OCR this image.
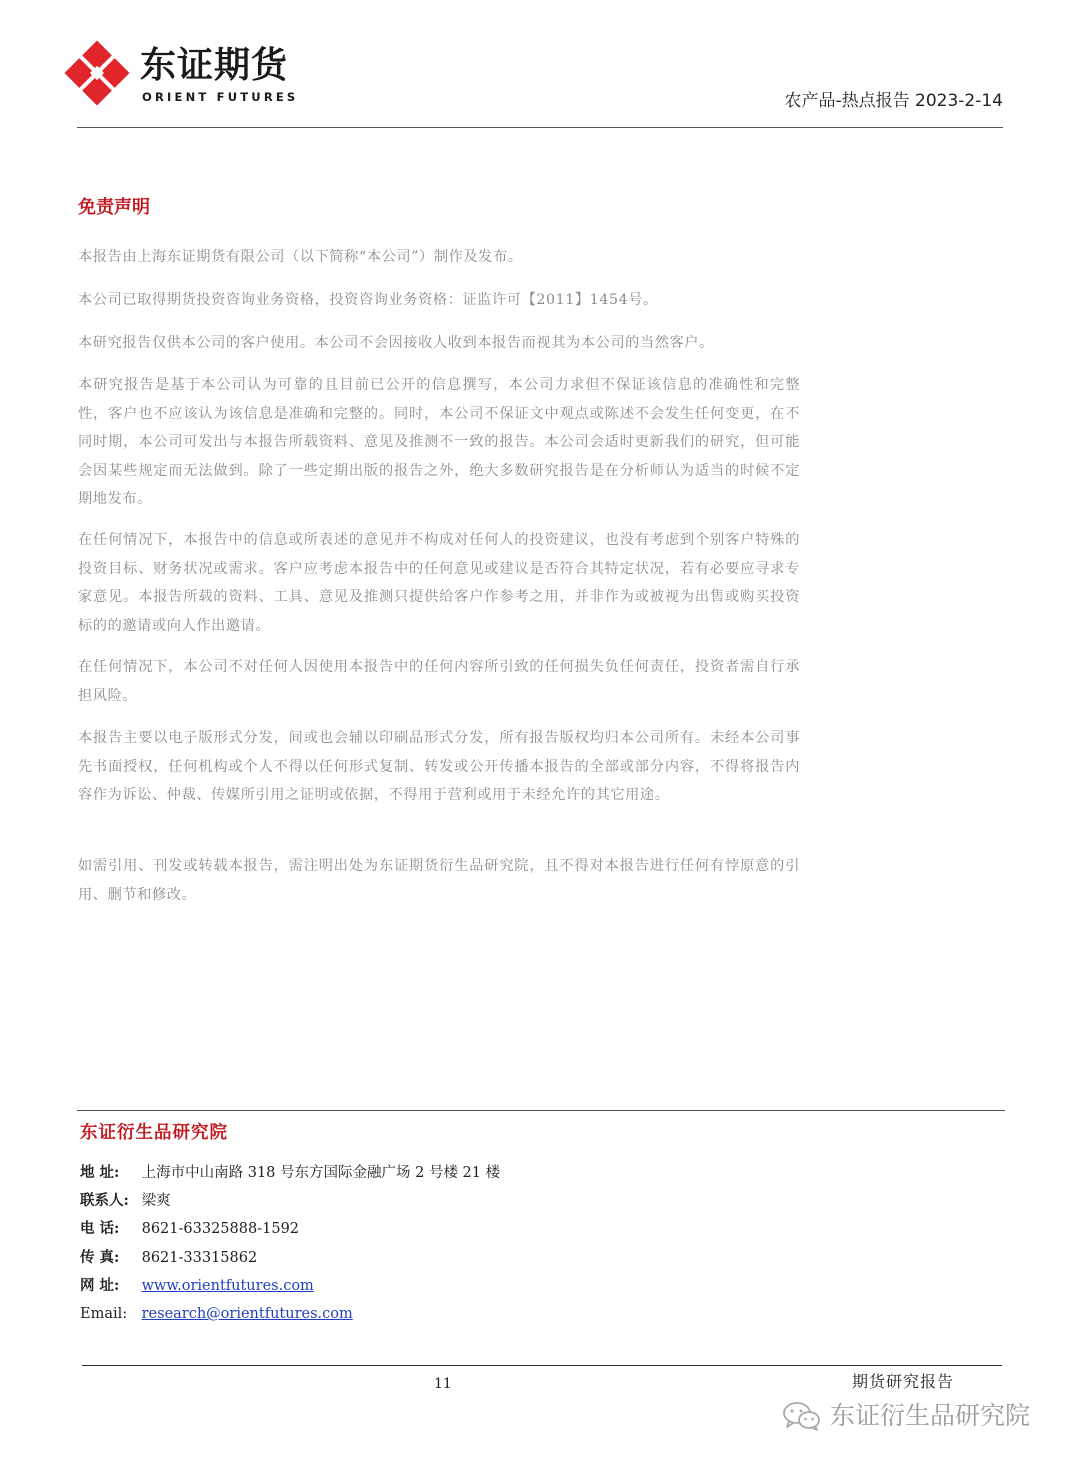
东证期货
ORIENT FUTURES	农产品-热点报告 2023-2-14
免责声明

本报告由上海东证期货有限公司（以下简称“本公司”）制作及发布。

本公司已取得期货投资咨询业务资格，投资咨询业务资格：证监许可【2011】1454号。

本研究报告仅供本公司的客户使用。本公司不会因接收人收到本报告而视其为本公司的当然客户。

本研究报告是基于本公司认为可靠的且目前已公开的信息撰写，本公司力求但不保证该信息的准确性和完整性，客户也不应该认为该信息是准确和完整的。同时，本公司不保证文中观点或陈述不会发生任何变更，在不同时期，本公司可发出与本报告所载资料、意见及推测不一致的报告。本公司会适时更新我们的研究，但可能会因某些规定而无法做到。除了一些定期出版的报告之外，绝大多数研究报告是在分析师认为适当的时候不定期地发布。

在任何情况下，本报告中的信息或所表述的意见并不构成对任何人的投资建议，也没有考虑到个别客户特殊的投资目标、财务状况或需求。客户应考虑本报告中的任何意见或建议是否符合其特定状况，若有必要应寻求专家意见。本报告所载的资料、工具、意见及推测只提供给客户作参考之用，并非作为或被视为出售或购买投资标的的邀请或向人作出邀请。

在任何情况下，本公司不对任何人因使用本报告中的任何内容所引致的任何损失负任何责任，投资者需自行承担风险。

本报告主要以电子版形式分发，间或也会辅以印刷品形式分发，所有报告版权均归本公司所有。未经本公司事先书面授权，任何机构或个人不得以任何形式复制、转发或公开传播本报告的全部或部分内容，不得将报告内容作为诉讼、仲裁、传媒所引用之证明或依据，不得用于营利或用于未经允许的其它用途。

如需引用、刊发或转载本报告，需注明出处为东证期货衍生品研究院，且不得对本报告进行任何有悖原意的引用、删节和修改。

东证衍生品研究院
地 址: 上海市中山南路 318 号东方国际金融广场 2 号楼 21 楼
联系人: 梁爽
电 话: 8621-63325888-1592
传 真: 8621-33315862
网 址: www.orientfutures.com
Email: research@orientfutures.com
11	期货研究报告
东证衍生品研究院
